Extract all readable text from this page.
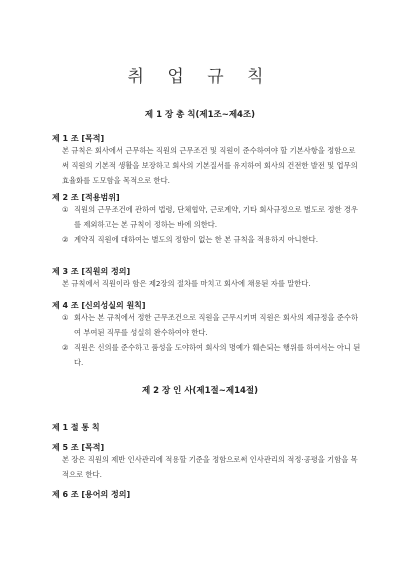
취 업 규 칙
제 1 장 총 칙(제1조~제4조)
제 1 조 [목적]
본 규칙은 회사에서 근무하는 직원의 근무조건 및 직원이 준수하여야 할 기본사항을 정함으로써 직원의 기본적 생활을 보장하고 회사의 기본질서를 유지하여 회사의 건전한 발전 및 업무의 효율화를 도모함을 목적으로 한다.
제 2 조 [적용범위]
① 직원의 근무조건에 관하여 법령, 단체협약, 근로계약, 기타 회사규정으로 별도로 정한 경우를 제외하고는 본 규칙이 정하는 바에 의한다.
② 계약직 직원에 대하여는 별도의 정함이 없는 한 본 규칙을 적용하지 아니한다.
제 3 조 [직원의 정의]
본 규칙에서 직원이라 함은 제2장의 절차를 마치고 회사에 채용된 자를 말한다.
제 4 조 [신의성실의 원칙]
① 회사는 본 규칙에서 정한 근무조건으로 직원을 근무시키며 직원은 회사의 제규정을 준수하여 부여된 직무를 성실히 완수하여야 한다.
② 직원은 신의를 준수하고 품성을 도야하여 회사의 명예가 훼손되는 행위를 하여서는 아니 된다.
제 2 장 인 사(제1절~제14절)
제 1 절 통 칙
제 5 조 [목적]
본 장은 직원의 제반 인사관리에 적용할 기준을 정함으로써 인사관리의 적정·공평을 기함을 목적으로 한다.
제 6 조 [용어의 정의]
